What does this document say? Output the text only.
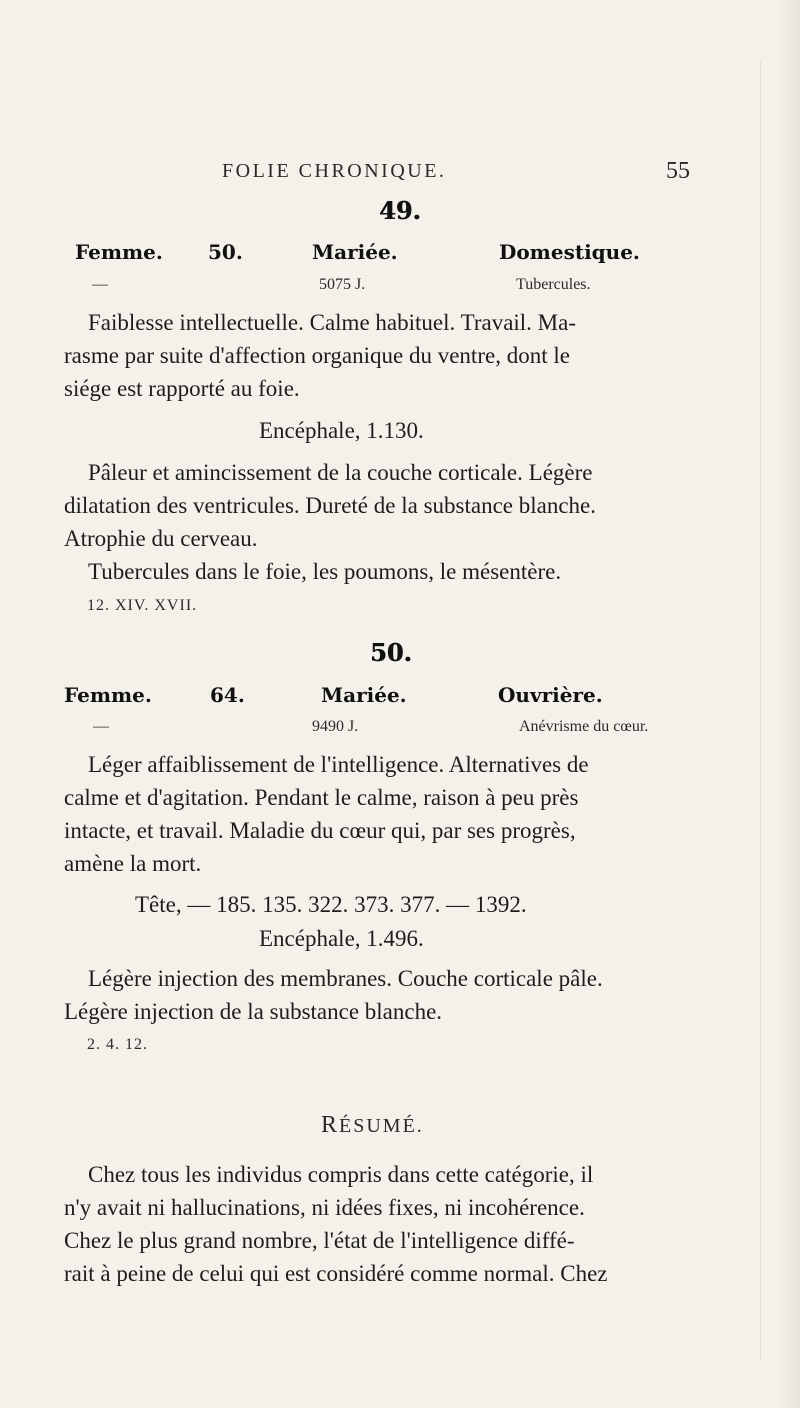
FOLIE CHRONIQUE.	55
49.
Femme. 50.	Mariée.	Domestique.
—	5075 J.	Tubercules.
Faiblesse intellectuelle. Calme habituel. Travail. Ma-
rasme par suite d'affection organique du ventre, dont le
siége est rapporté au foie.
Encéphale, 1.130.
Pâleur et amincissement de la couche corticale. Légère
dilatation des ventricules. Dureté de la substance blanche.
Atrophie du cerveau.
Tubercules dans le foie, les poumons, le mésentère.
12. XIV. XVII.
50.
Femme.	64.	Mariée.	Ouvrière.
—	9490 J.	Anévrisme du cœur.
Léger affaiblissement de l'intelligence. Alternatives de
calme et d'agitation. Pendant le calme, raison à peu près
intacte, et travail. Maladie du cœur qui, par ses progrès,
amène la mort.
Tête, — 185. 135. 322. 373. 377. — 1392.
Encéphale, 1.496.
Légère injection des membranes. Couche corticale pâle.
Légère injection de la substance blanche.
2. 4. 12.
RÉSUMÉ.
Chez tous les individus compris dans cette catégorie, il
n'y avait ni hallucinations, ni idées fixes, ni incohérence.
Chez le plus grand nombre, l'état de l'intelligence diffé-
rait à peine de celui qui est considéré comme normal. Chez
